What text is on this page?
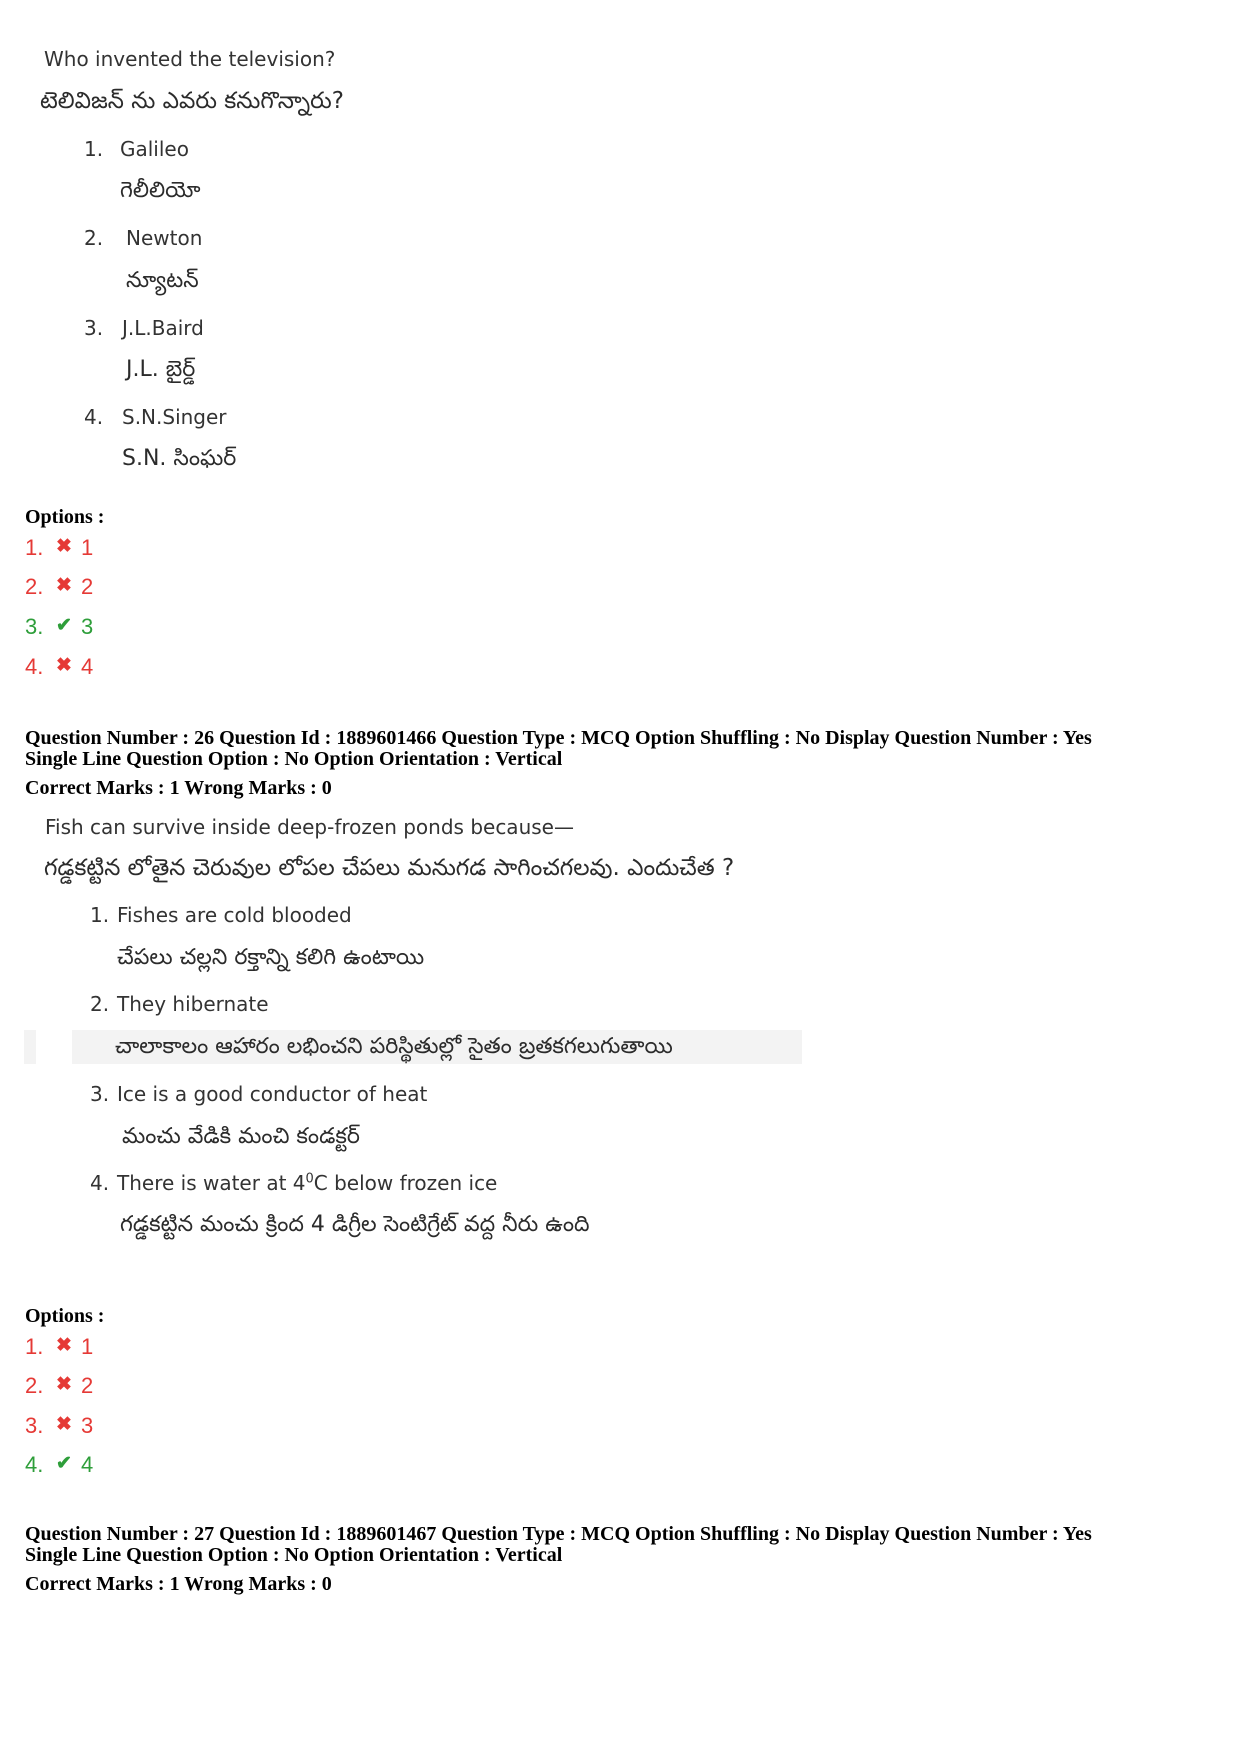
Who invented the television?
టెలివిజన్ ను ఎవరు కనుగొన్నారు?
1. Galileo
గెలీలియో
2. Newton
న్యూటన్
3. J.L.Baird
J.L. బైర్డ్
4. S.N.Singer
S.N. సింఘర్
Options :
1. ✖ 1
2. ✖ 2
3. ✔ 3
4. ✖ 4
Question Number : 26 Question Id : 1889601466 Question Type : MCQ Option Shuffling : No Display Question Number : Yes
Single Line Question Option : No Option Orientation : Vertical
Correct Marks : 1 Wrong Marks : 0
Fish can survive inside deep-frozen ponds because—
గడ్డకట్టిన లోతైన చెరువుల లోపల చేపలు మనుగడ సాగించగలవు. ఎందుచేత ?
1. Fishes are cold blooded
చేపలు చల్లని రక్తాన్ని కలిగి ఉంటాయి
2. They hibernate
చాలాకాలం ఆహారం లభించని పరిస్థితుల్లో సైతం బ్రతకగలుగుతాయి
3. Ice is a good conductor of heat
మంచు వేడికి మంచి కండక్టర్
4. There is water at $4^0C$ below frozen ice
గడ్డకట్టిన మంచు క్రింద 4 డిగ్రీల సెంటిగ్రేట్ వద్ద నీరు ఉంది
Options :
1. ✖ 1
2. ✖ 2
3. ✖ 3
4. ✔ 4
Question Number : 27 Question Id : 1889601467 Question Type : MCQ Option Shuffling : No Display Question Number : Yes
Single Line Question Option : No Option Orientation : Vertical
Correct Marks : 1 Wrong Marks : 0
